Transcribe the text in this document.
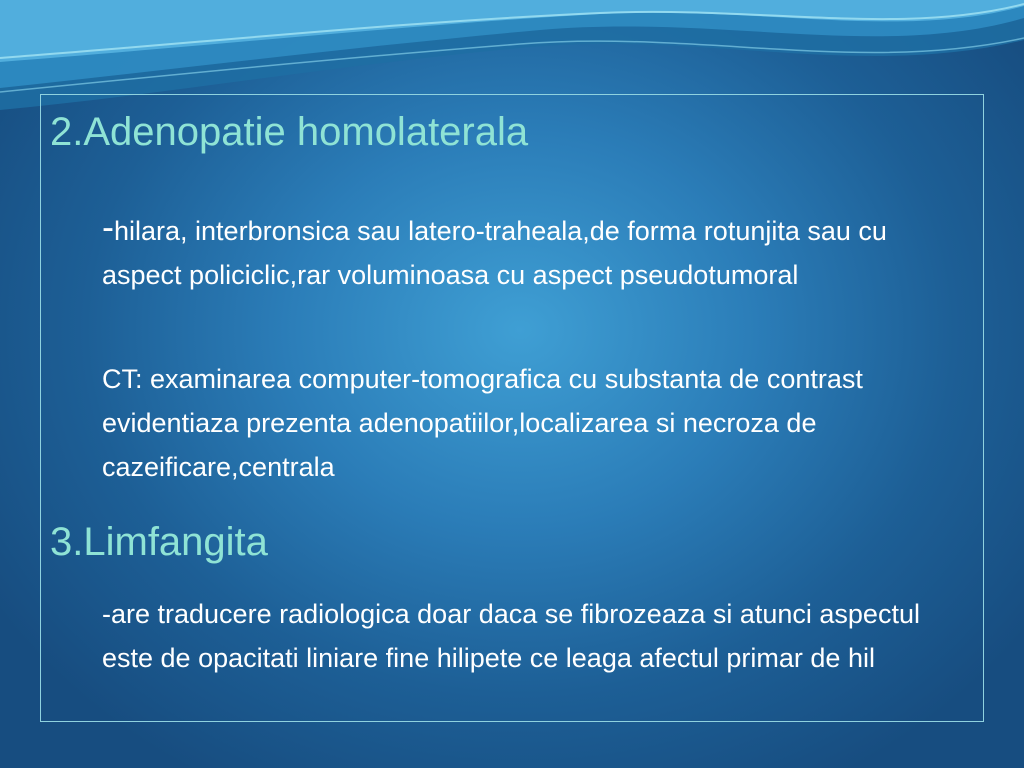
2.Adenopatie homolaterala

-hilara, interbronsica sau latero-traheala,de forma rotunjita sau cu aspect policiclic,rar voluminoasa cu aspect pseudotumoral

CT: examinarea computer-tomografica cu substanta de contrast evidentiaza prezenta adenopatiilor,localizarea si necroza de cazeificare,centrala

3.Limfangita

-are traducere radiologica doar daca se fibrozeaza si atunci aspectul este de opacitati liniare fine hilipete ce leaga afectul primar de hil
